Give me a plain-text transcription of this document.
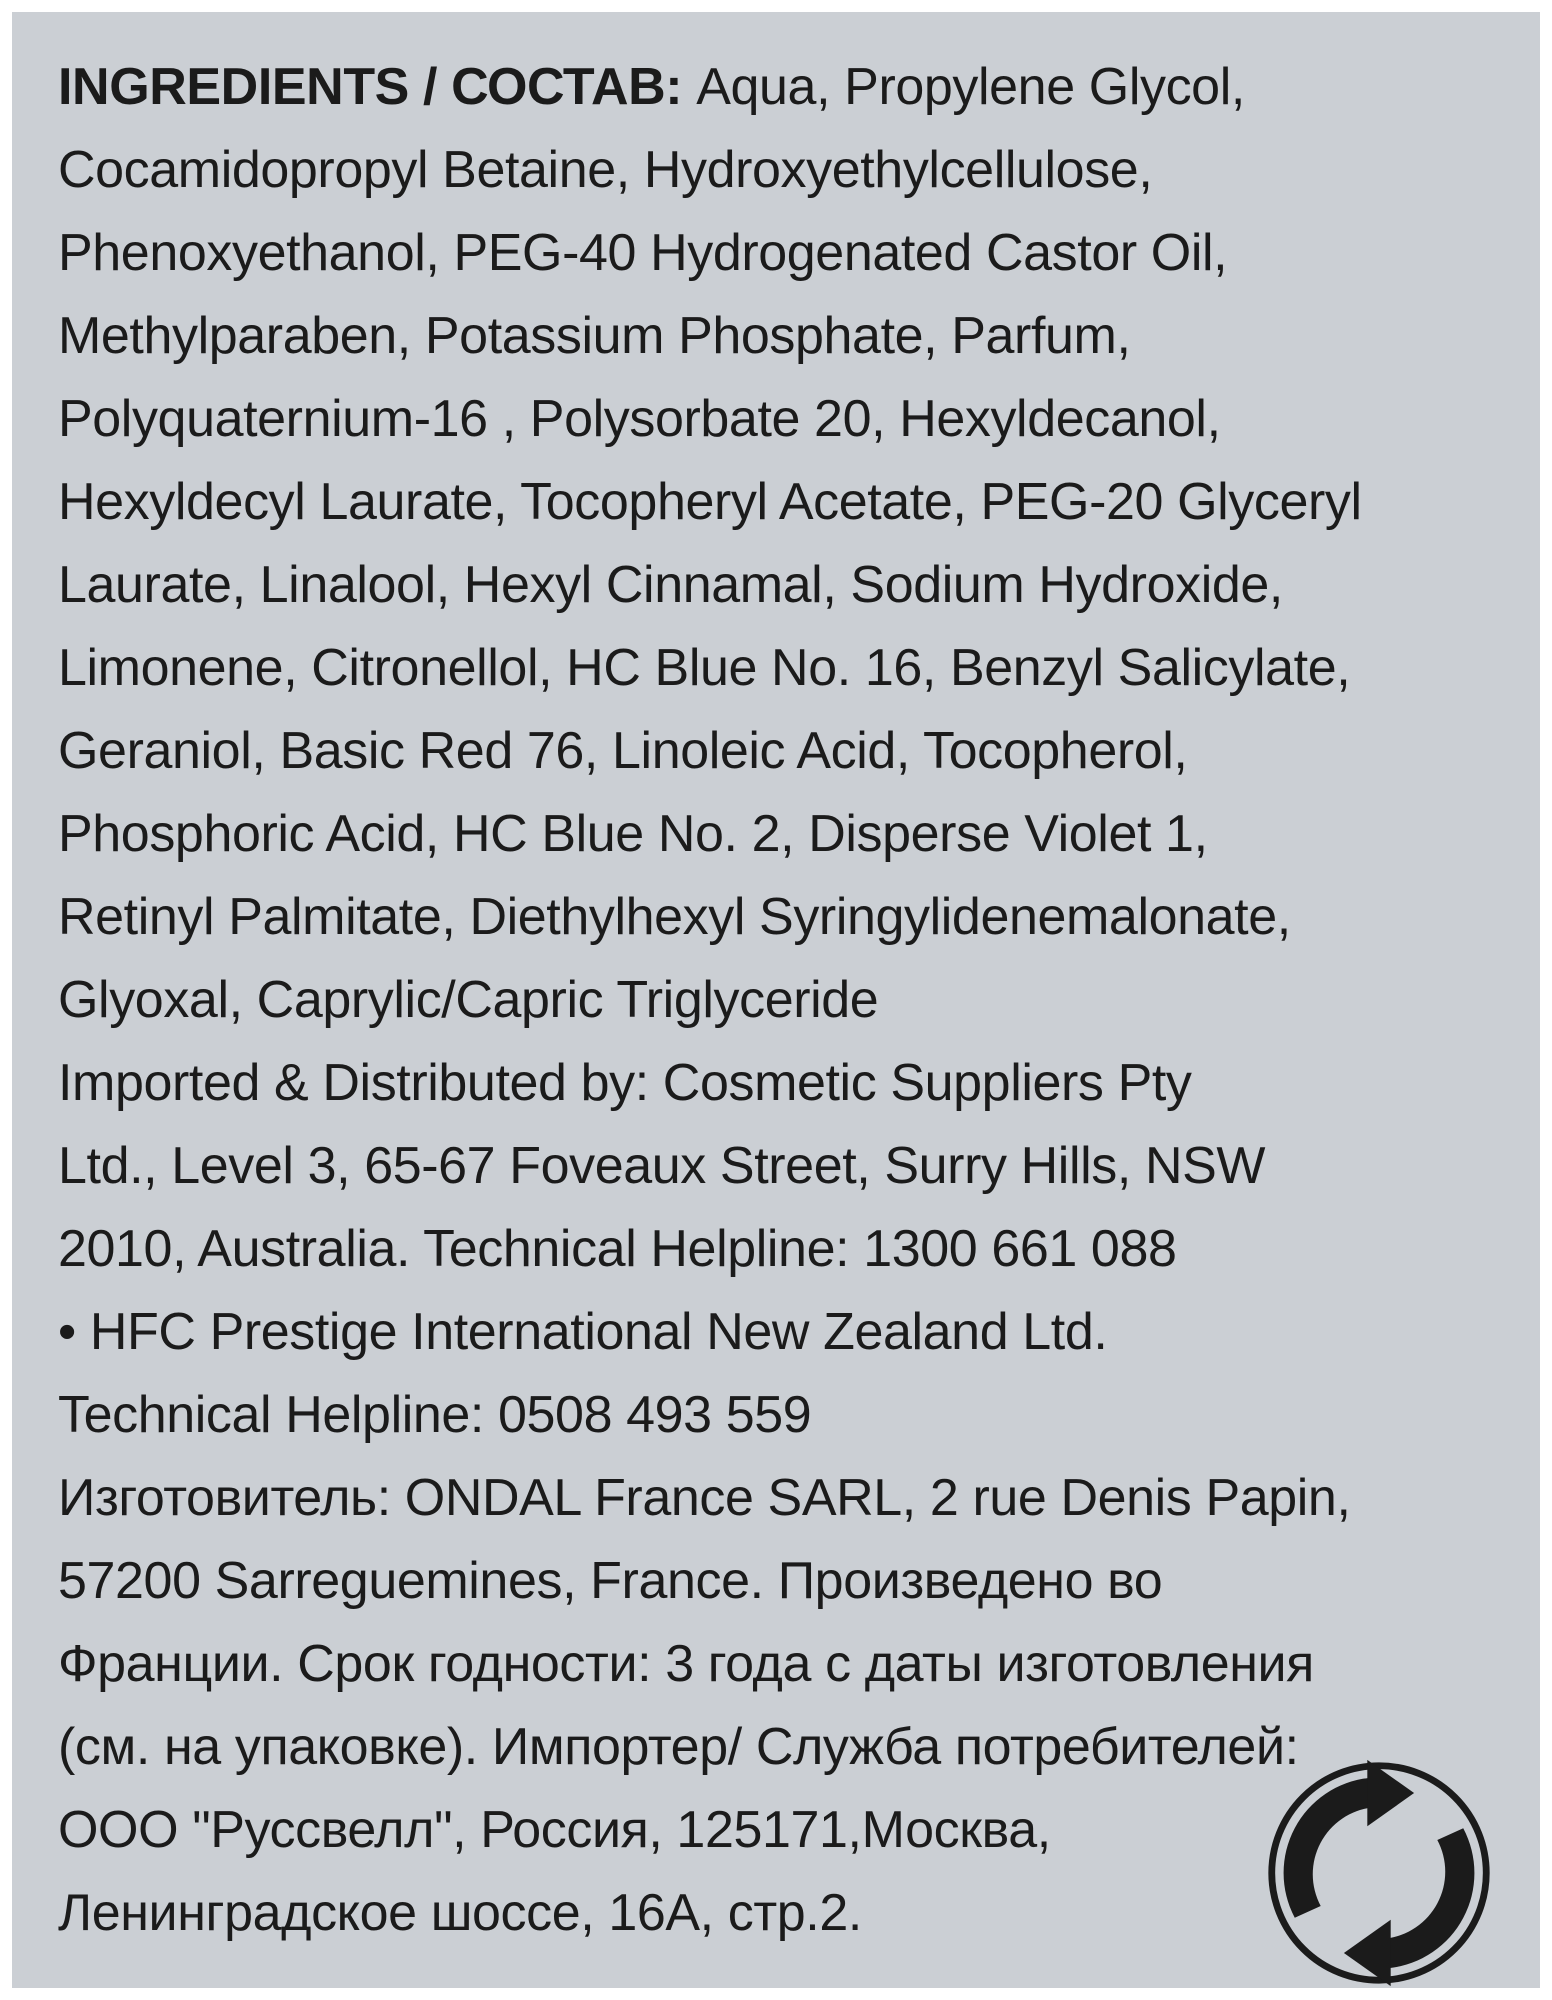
INGREDIENTS / СОСТАВ: Aqua, Propylene Glycol,
Cocamidopropyl Betaine, Hydroxyethylcellulose,
Phenoxyethanol, PEG-40 Hydrogenated Castor Oil,
Methylparaben, Potassium Phosphate, Parfum,
Polyquaternium-16 , Polysorbate 20, Hexyldecanol,
Hexyldecyl Laurate, Tocopheryl Acetate, PEG-20 Glyceryl
Laurate, Linalool, Hexyl Cinnamal, Sodium Hydroxide,
Limonene, Citronellol, HC Blue No. 16, Benzyl Salicylate,
Geraniol, Basic Red 76, Linoleic Acid, Tocopherol,
Phosphoric Acid, HC Blue No. 2, Disperse Violet 1,
Retinyl Palmitate, Diethylhexyl Syringylidenemalonate,
Glyoxal, Caprylic/Capric Triglyceride
Imported & Distributed by: Cosmetic Suppliers Pty
Ltd., Level 3, 65-67 Foveaux Street, Surry Hills, NSW
2010, Australia. Technical Helpline: 1300 661 088
• HFC Prestige International New Zealand Ltd.
Technical Helpline: 0508 493 559
Изготовитель: ONDAL France SARL, 2 rue Denis Papin,
57200 Sarreguemines, France. Произведено во
Франции. Срок годности: 3 года с даты изготовления
(см. на упаковке). Импортер/ Служба потребителей:
ООО "Руссвелл", Россия, 125171,Москва,
Ленинградское шоссе, 16А, стр.2.
